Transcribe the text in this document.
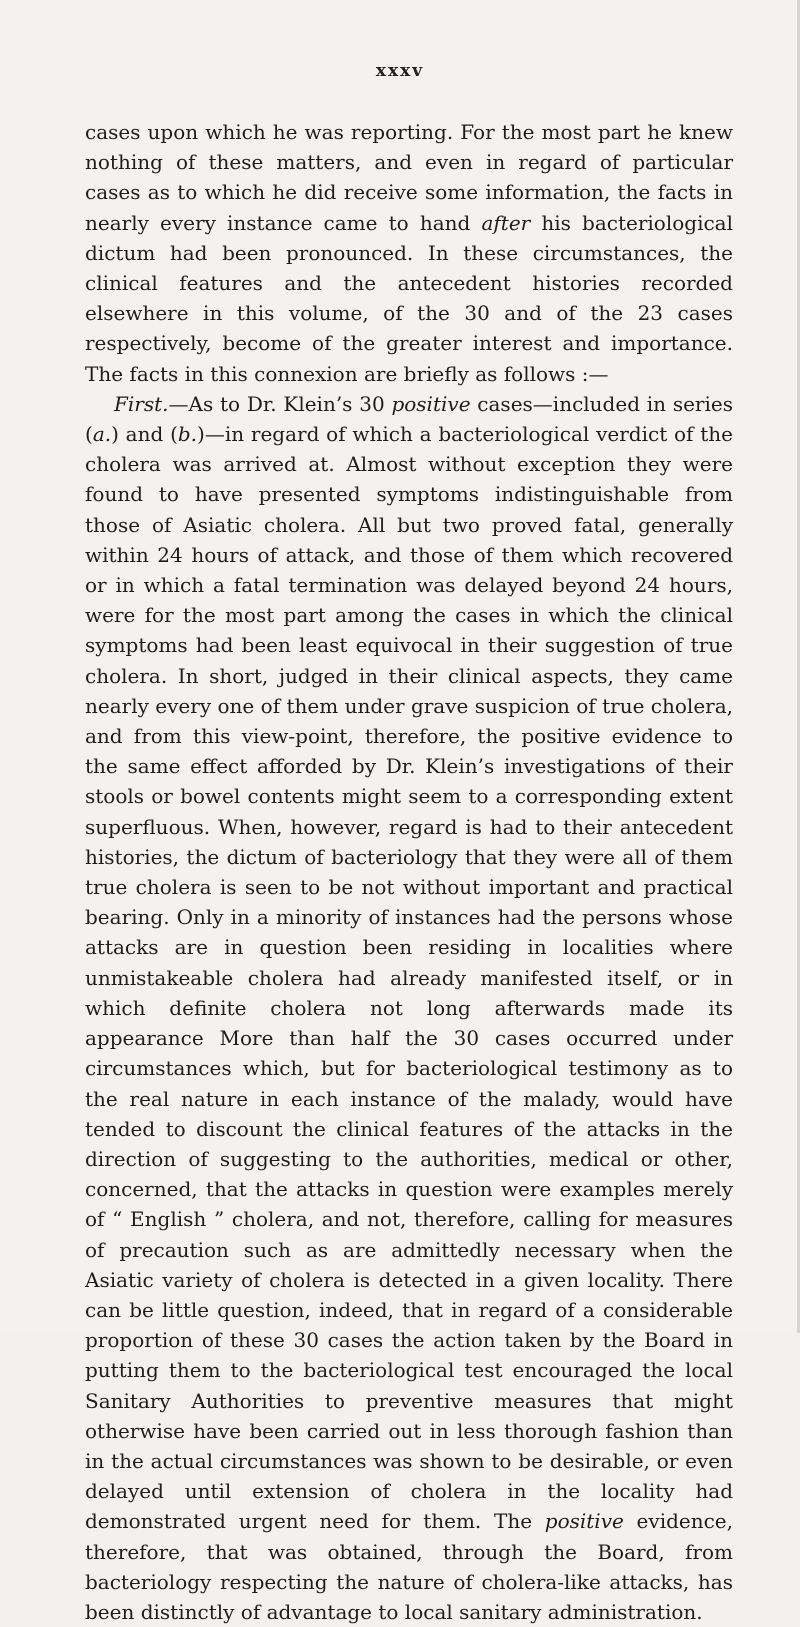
xxxv

cases upon which he was reporting. For the most part he knew nothing of these matters, and even in regard of particular cases as to which he did receive some information, the facts in nearly every instance came to hand after his bacteriological dictum had been pronounced. In these circumstances, the clinical features and the antecedent histories recorded elsewhere in this volume, of the 30 and of the 23 cases respectively, become of the greater interest and importance. The facts in this connexion are briefly as follows :—

First.—As to Dr. Klein’s 30 positive cases—included in series (a.) and (b.)—in regard of which a bacteriological verdict of the cholera was arrived at. Almost without exception they were found to have presented symptoms indistinguishable from those of Asiatic cholera. All but two proved fatal, generally within 24 hours of attack, and those of them which recovered or in which a fatal termination was delayed beyond 24 hours, were for the most part among the cases in which the clinical symptoms had been least equivocal in their suggestion of true cholera. In short, judged in their clinical aspects, they came nearly every one of them under grave suspicion of true cholera, and from this view-point, therefore, the positive evidence to the same effect afforded by Dr. Klein’s investigations of their stools or bowel contents might seem to a corresponding extent superfluous. When, however, regard is had to their antecedent histories, the dictum of bacteriology that they were all of them true cholera is seen to be not without important and practical bearing. Only in a minority of instances had the persons whose attacks are in question been residing in localities where unmistakeable cholera had already manifested itself, or in which definite cholera not long afterwards made its appearance More than half the 30 cases occurred under circumstances which, but for bacteriological testimony as to the real nature in each instance of the malady, would have tended to discount the clinical features of the attacks in the direction of suggesting to the authorities, medical or other, concerned, that the attacks in question were examples merely of “ English ” cholera, and not, therefore, calling for measures of precaution such as are admittedly necessary when the Asiatic variety of cholera is detected in a given locality. There can be little question, indeed, that in regard of a considerable proportion of these 30 cases the action taken by the Board in putting them to the bacteriological test encouraged the local Sanitary Authorities to preventive measures that might otherwise have been carried out in less thorough fashion than in the actual circumstances was shown to be desirable, or even delayed until extension of cholera in the locality had demonstrated urgent need for them. The positive evidence, therefore, that was obtained, through the Board, from bacteriology respecting the nature of cholera-like attacks, has been distinctly of advantage to local sanitary administration.
